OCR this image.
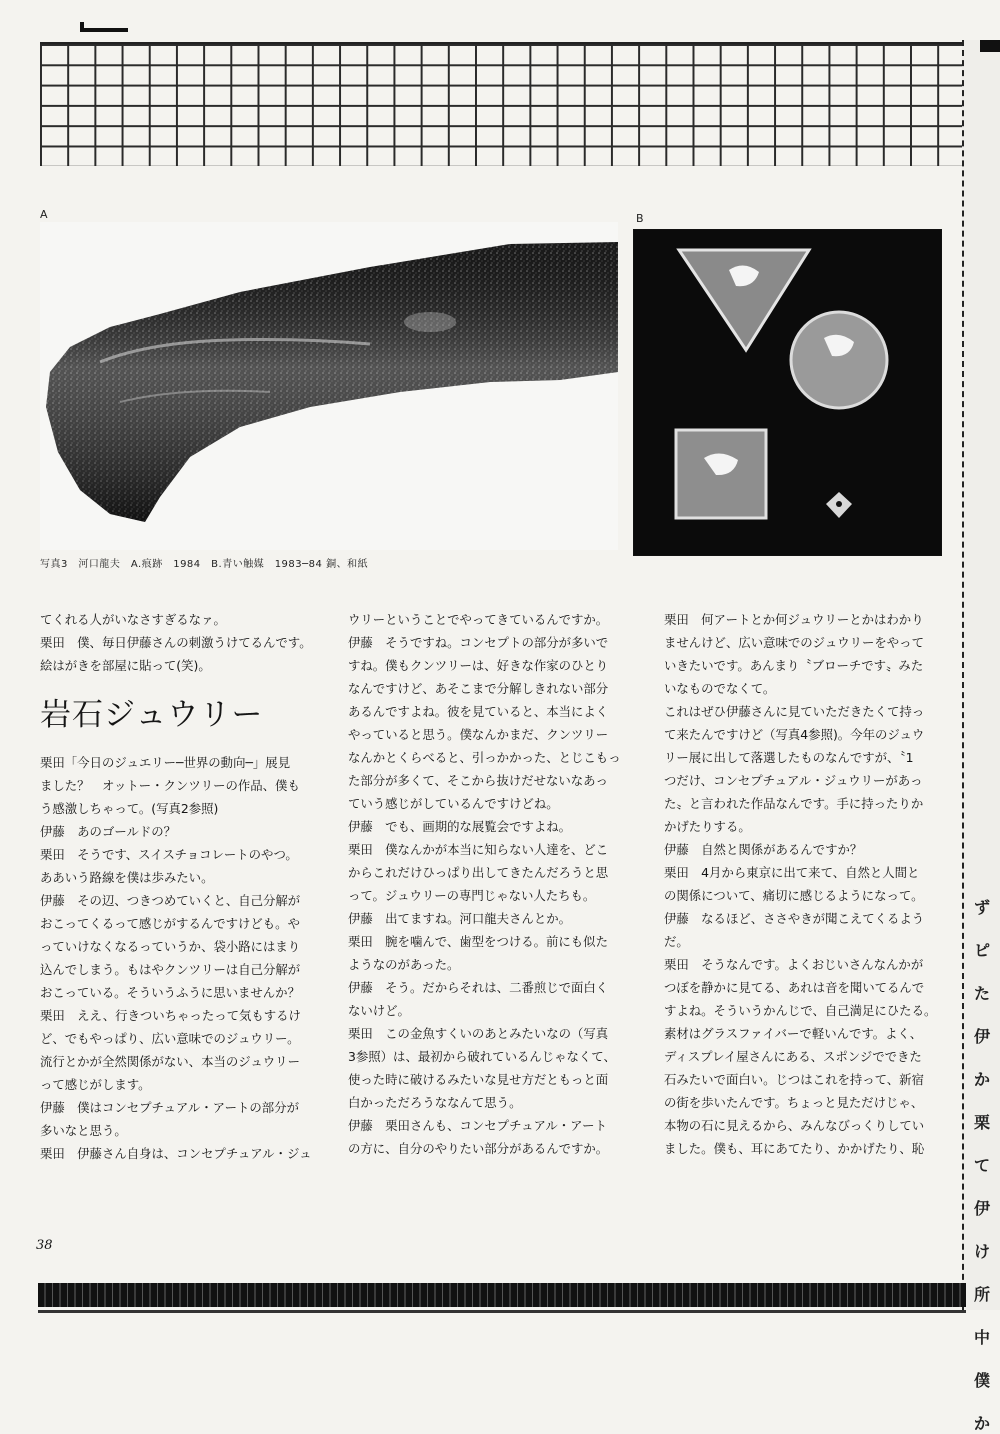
ず
ピ
た
伊
か
栗
て
伊
け
所
中
僕
か
A	B
写真3　河口龍夫　A.痕跡　1984　B.青い触媒　1983─84 銅、和紙

てくれる人がいなさすぎるなァ。

栗田　僕、毎日伊藤さんの刺激うけてるんです。

絵はがきを部屋に貼って(笑)。

岩石ジュウリー

栗田「今日のジュエリー─世界の動向─」展見

ました？　オットー・クンツリーの作品、僕も

う感激しちゃって。(写真2参照)

伊藤　あのゴールドの？

栗田　そうです、スイスチョコレートのやつ。

ああいう路線を僕は歩みたい。

伊藤　その辺、つきつめていくと、自己分解が

おこってくるって感じがするんですけども。や

っていけなくなるっていうか、袋小路にはまり

込んでしまう。もはやクンツリーは自己分解が

おこっている。そういうふうに思いませんか？

栗田　ええ、行きついちゃったって気もするけ

ど、でもやっぱり、広い意味でのジュウリー。

流行とかが全然関係がない、本当のジュウリー

って感じがします。

伊藤　僕はコンセプチュアル・アートの部分が

多いなと思う。

栗田　伊藤さん自身は、コンセプチュアル・ジュ

ウリーということでやってきているんですか。

伊藤　そうですね。コンセプトの部分が多いで

すね。僕もクンツリーは、好きな作家のひとり

なんですけど、あそこまで分解しきれない部分

あるんですよね。彼を見ていると、本当によく

やっていると思う。僕なんかまだ、クンツリー

なんかとくらべると、引っかかった、とじこもっ

た部分が多くて、そこから抜けだせないなあっ

ていう感じがしているんですけどね。

伊藤　でも、画期的な展覧会ですよね。

栗田　僕なんかが本当に知らない人達を、どこ

からこれだけひっぱり出してきたんだろうと思

って。ジュウリーの専門じゃない人たちも。

伊藤　出てますね。河口龍夫さんとか。

栗田　腕を噛んで、歯型をつける。前にも似た

ようなのがあった。

伊藤　そう。だからそれは、二番煎じで面白く

ないけど。

栗田　この金魚すくいのあとみたいなの（写真

3参照）は、最初から破れているんじゃなくて、

使った時に破けるみたいな見せ方だともっと面

白かっただろうななんて思う。

伊藤　栗田さんも、コンセプチュアル・アート

の方に、自分のやりたい部分があるんですか。

栗田　何アートとか何ジュウリーとかはわかり

ませんけど、広い意味でのジュウリーをやって

いきたいです。あんまり〝ブローチです〟みた

いなものでなくて。

これはぜひ伊藤さんに見ていただきたくて持っ

て来たんですけど（写真4参照)。今年のジュウ

リー展に出して落選したものなんですが、〝1

つだけ、コンセプチュアル・ジュウリーがあっ

た〟と言われた作品なんです。手に持ったりか

かげたりする。

伊藤　自然と関係があるんですか？

栗田　4月から東京に出て来て、自然と人間と

の関係について、痛切に感じるようになって。

伊藤　なるほど、ささやきが聞こえてくるよう

だ。

栗田　そうなんです。よくおじいさんなんかが

つぼを静かに見てる、あれは音を聞いてるんで

すよね。そういうかんじで、自己満足にひたる。

素材はグラスファイバーで軽いんです。よく、

ディスプレイ屋さんにある、スポンジでできた

石みたいで面白い。じつはこれを持って、新宿

の街を歩いたんです。ちょっと見ただけじゃ、

本物の石に見えるから、みんなびっくりしてい

ました。僕も、耳にあてたり、かかげたり、恥

38
